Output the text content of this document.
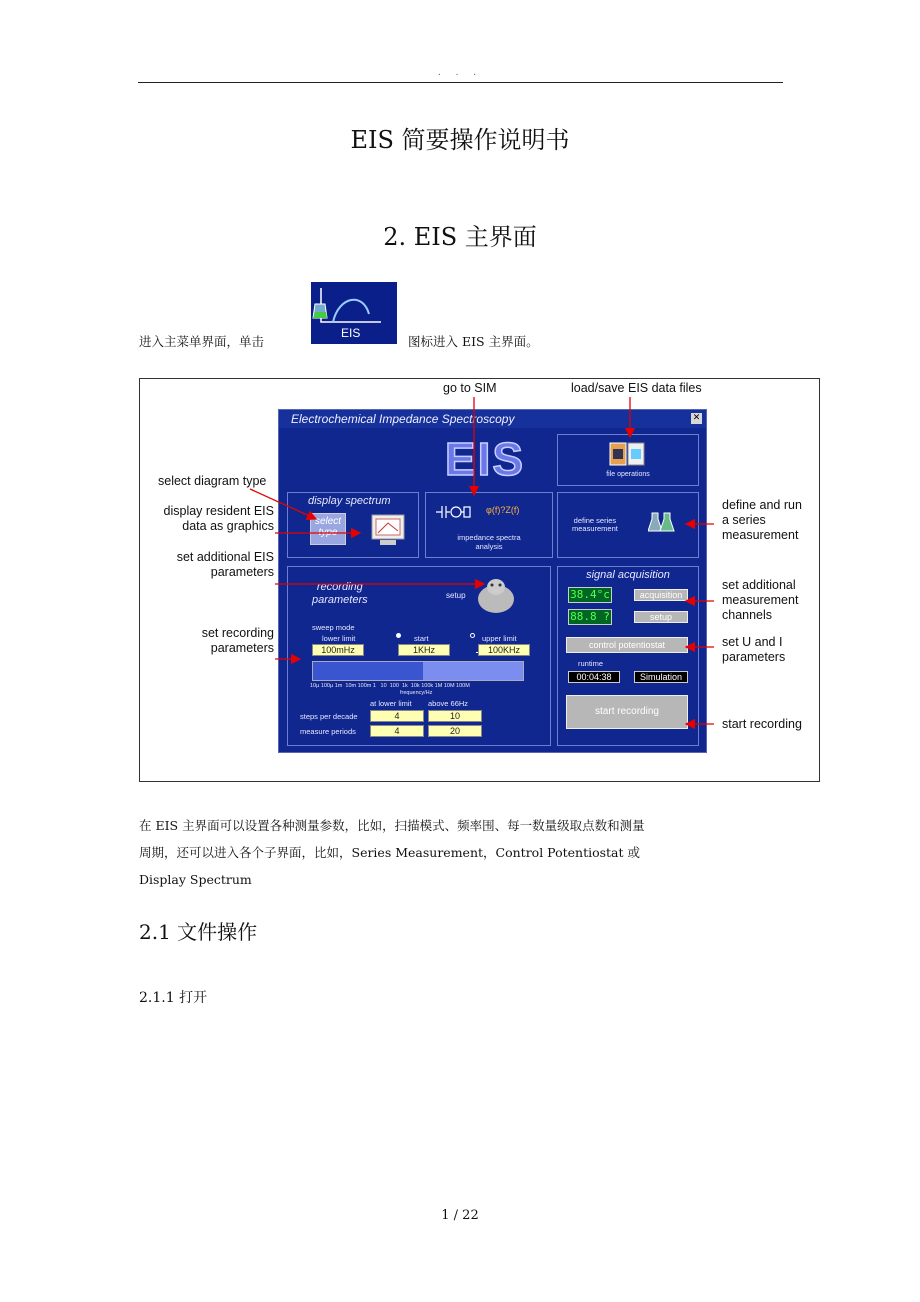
. . .
EIS 简要操作说明书
2. EIS 主界面
进入主菜单界面，单击
EIS
图标进入 EIS 主界面。
go to SIM	load/save EIS data files
select diagram type
display resident EIS
data as graphics
set additional EIS
parameters
set recording
parameters
define and run
a series
measurement
set additional
measurement
channels
set U and I
parameters
start recording
Electrochemical Impedance Spectroscopy	✕
EIS	file operations
display spectrum
select
type
φ(f)?Z(f)
impedance spectra
analysis
define series
measurement
recording
parameters	setup
sweep mode

lower limit	start	upper limit
100mHz	1KHz	100KHz
10µ 100µ 1m  10m 100m 1   10  100  1k  10k 100k 1M 10M 100M
frequency/Hz
at lower limit above 66Hz
steps per decade	4	10
measure periods	4	20
signal acquisition
38.4°c	acquisition
88.8 ?	setup
control potentiostat
runtime
00:04:38	Simulation
start recording
在 EIS 主界面可以设置各种测量参数，比如，扫描模式、频率围、每一数量级取点数和测量
周期，还可以进入各个子界面，比如，Series Measurement，Control Potentiostat 或
Display Spectrum
2.1 文件操作
2.1.1 打开
1 / 22
